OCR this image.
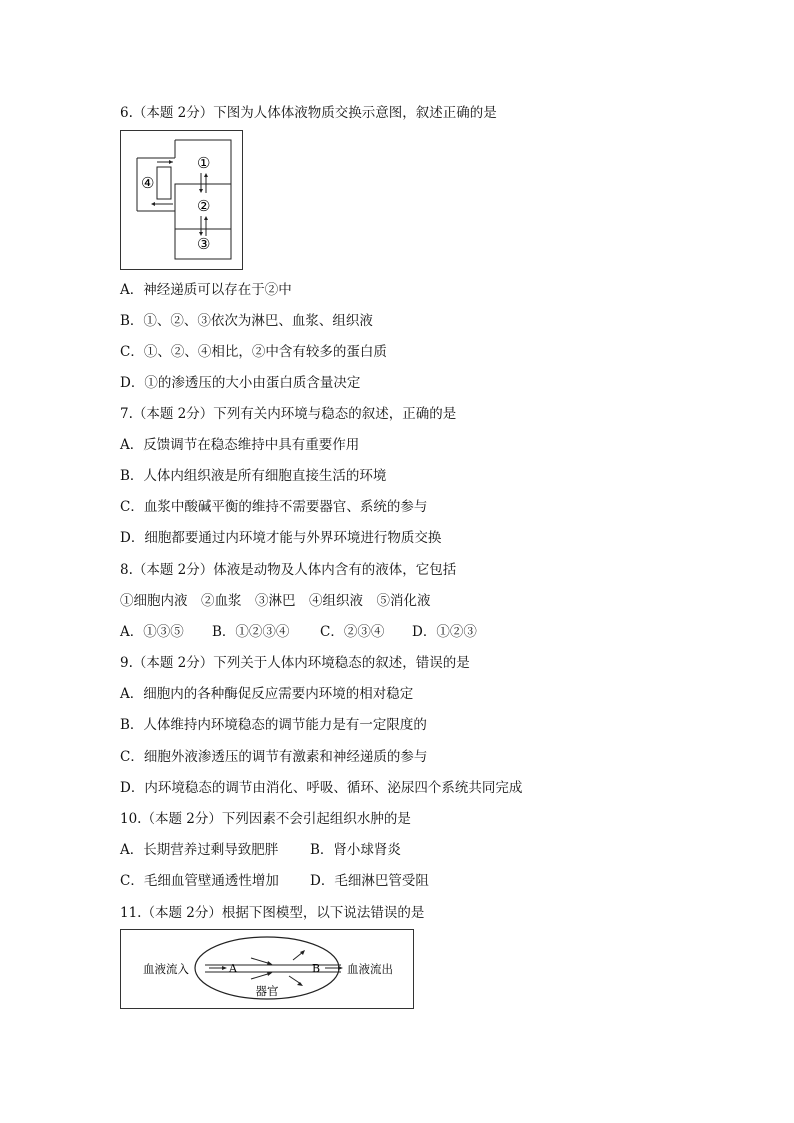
6.（本题 2分）下图为人体体液物质交换示意图，叙述正确的是
①
②
③
④
A．神经递质可以存在于②中
B．①、②、③依次为淋巴、血浆、组织液
C．①、②、④相比，②中含有较多的蛋白质
D．①的渗透压的大小由蛋白质含量决定
7.（本题 2分）下列有关内环境与稳态的叙述，正确的是
A．反馈调节在稳态维持中具有重要作用
B．人体内组织液是所有细胞直接生活的环境
C．血浆中酸碱平衡的维持不需要器官、系统的参与
D．细胞都要通过内环境才能与外界环境进行物质交换
8.（本题 2分）体液是动物及人体内含有的液体，它包括
①细胞内液　②血浆　③淋巴　④组织液　⑤消化液
A．①③⑤	B．①②③④	C．②③④	D．①②③
9.（本题 2分）下列关于人体内环境稳态的叙述，错误的是
A．细胞内的各种酶促反应需要内环境的相对稳定
B．人体维持内环境稳态的调节能力是有一定限度的
C．细胞外液渗透压的调节有激素和神经递质的参与
D．内环境稳态的调节由消化、呼吸、循环、泌尿四个系统共同完成
10.（本题 2分）下列因素不会引起组织水肿的是
A．长期营养过剩导致肥胖	B．肾小球肾炎
C．毛细血管壁通透性增加	D．毛细淋巴管受阻
11.（本题 2分）根据下图模型，以下说法错误的是
血液流入	A	B 血液流出
器官
